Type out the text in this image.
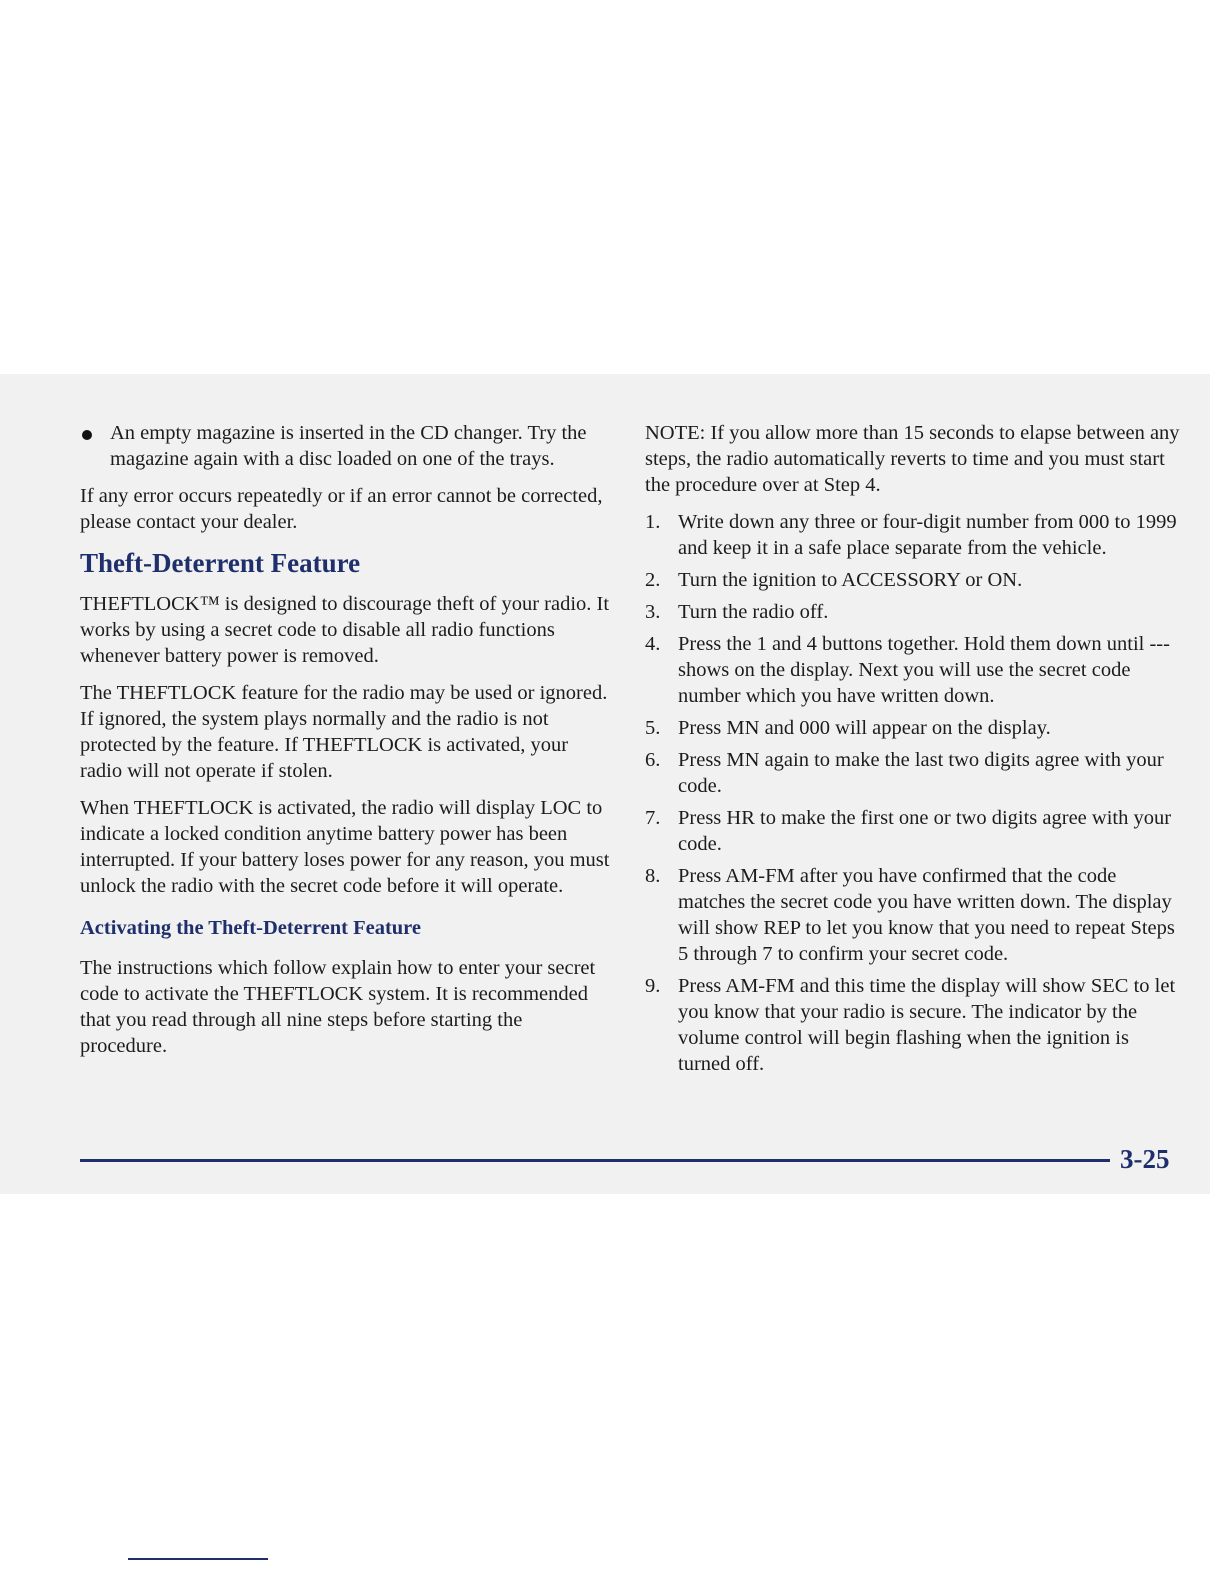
An empty magazine is inserted in the CD changer. Try the magazine again with a disc loaded on one of the trays.

If any error occurs repeatedly or if an error cannot be corrected, please contact your dealer.

Theft-Deterrent Feature

THEFTLOCK™ is designed to discourage theft of your radio. It works by using a secret code to disable all radio functions whenever battery power is removed.

The THEFTLOCK feature for the radio may be used or ignored. If ignored, the system plays normally and the radio is not protected by the feature. If THEFTLOCK is activated, your radio will not operate if stolen.

When THEFTLOCK is activated, the radio will display LOC to indicate a locked condition anytime battery power has been interrupted. If your battery loses power for any reason, you must unlock the radio with the secret code before it will operate.

Activating the Theft-Deterrent Feature

The instructions which follow explain how to enter your secret code to activate the THEFTLOCK system. It is recommended that you read through all nine steps before starting the procedure.

NOTE: If you allow more than 15 seconds to elapse between any steps, the radio automatically reverts to time and you must start the procedure over at Step 4.

1. Write down any three or four-digit number from 000 to 1999 and keep it in a safe place separate from the vehicle.
2. Turn the ignition to ACCESSORY or ON.
3. Turn the radio off.
4. Press the 1 and 4 buttons together. Hold them down until --- shows on the display. Next you will use the secret code number which you have written down.
5. Press MN and 000 will appear on the display.
6. Press MN again to make the last two digits agree with your code.
7. Press HR to make the first one or two digits agree with your code.
8. Press AM-FM after you have confirmed that the code matches the secret code you have written down. The display will show REP to let you know that you need to repeat Steps 5 through 7 to confirm your secret code.
9. Press AM-FM and this time the display will show SEC to let you know that your radio is secure. The indicator by the volume control will begin flashing when the ignition is turned off.
3-25
